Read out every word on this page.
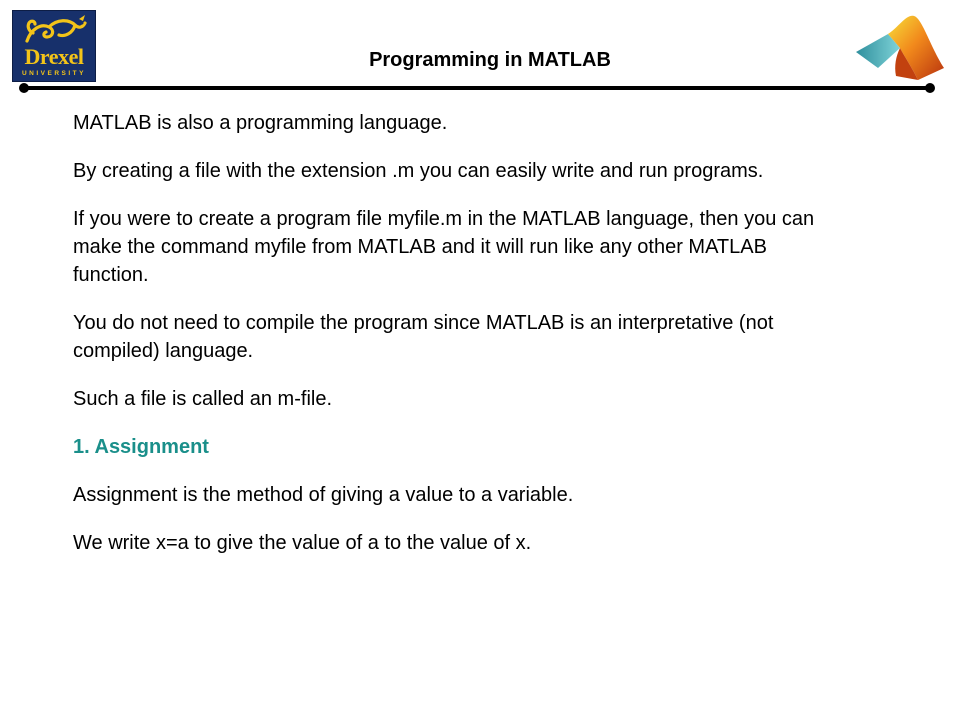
Drexel
UNIVERSITY
Programming in MATLAB

MATLAB is also a programming language.

By creating a file with the extension .m you can easily write and run programs.

If you were to create a program file myfile.m in the MATLAB language, then you can make the command myfile from MATLAB and it will run like any other MATLAB function.

You do not need to compile the program since MATLAB is an interpretative (not compiled) language.

Such a file is called an m-file.

1. Assignment

Assignment is the method of giving a value to a variable.

We write x=a to give the value of a to the value of x.
